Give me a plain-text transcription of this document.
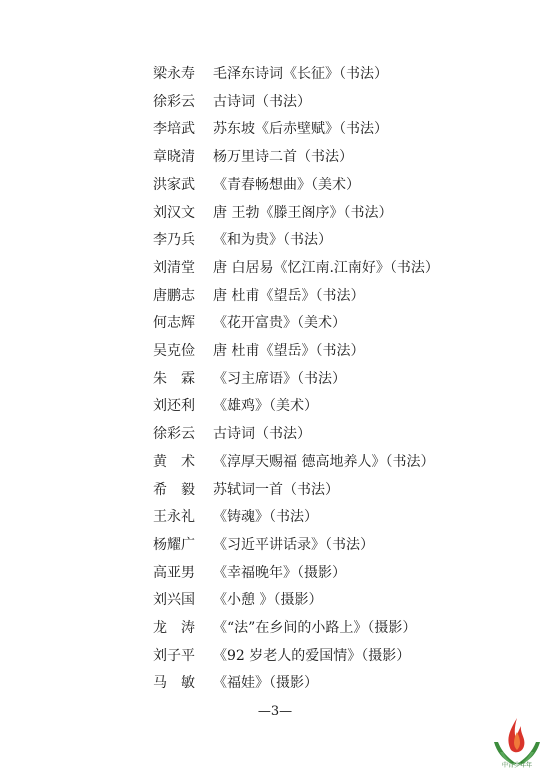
梁永寿	毛泽东诗词《长征》（书法）
徐彩云	古诗词（书法）
李培武	苏东坡《后赤壁赋》（书法）
章晓清	杨万里诗二首（书法）
洪家武	《青春畅想曲》（美术）
刘汉文	唐 王勃《滕王阁序》（书法）
李乃兵	《和为贵》（书法）
刘清堂	唐 白居易《忆江南.江南好》（书法）
唐鹏志	唐 杜甫《望岳》（书法）
何志辉	《花开富贵》（美术）
吴克俭	唐 杜甫《望岳》（书法）
朱　霖	《习主席语》（书法）
刘还利	《雄鸡》（美术）
徐彩云	古诗词（书法）
黄　术	《淳厚天赐福 德高地养人》（书法）
希　毅	苏轼词一首（书法）
王永礼	《铸魂》（书法）
杨耀广	《习近平讲话录》（书法）
高亚男	《幸福晚年》（摄影）
刘兴国	《小憩 》（摄影）
龙　涛	《“法”在乡间的小路上》（摄影）
刘子平	《92 岁老人的爱国情》（摄影）
马　敏	《福娃》（摄影）
—3—
中青少年年
